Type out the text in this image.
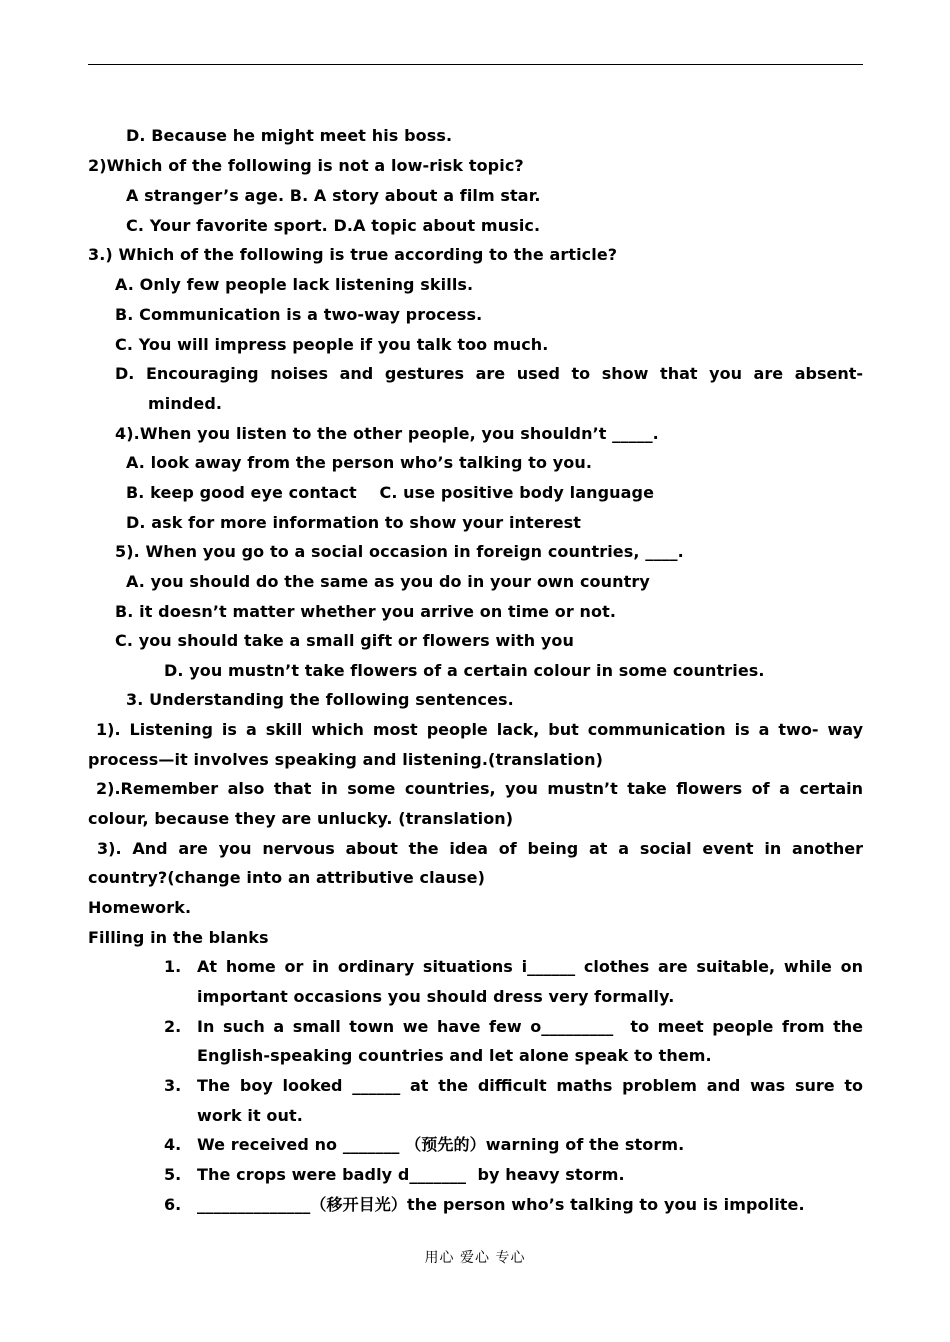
D. Because he might meet his boss.
2)Which of the following is not a low-risk topic?
A stranger’s age. B. A story about a film star.
C. Your favorite sport. D.A topic about music.
3.) Which of the following is true according to the article?
A. Only few people lack listening skills.
B. Communication is a two-way process.
C. You will impress people if you talk too much.
D. Encouraging noises and gestures are used to show that you are absent-
minded.
4).When you listen to the other people, you shouldn’t _____.
A. look away from the person who’s talking to you.
B. keep good eye contact    C. use positive body language
D. ask for more information to show your interest
5). When you go to a social occasion in foreign countries, ____.
A. you should do the same as you do in your own country
B. it doesn’t matter whether you arrive on time or not.
C. you should take a small gift or flowers with you
D. you mustn’t take flowers of a certain colour in some countries.
3. Understanding the following sentences.
1). Listening is a skill which most people lack, but communication is a two- way
process—it involves speaking and listening.(translation)
2).Remember also that in some countries, you mustn’t take flowers of a certain
colour, because they are unlucky. (translation)
3). And are you nervous about the idea of being at a social event in another
country?(change into an attributive clause)
Homework.
Filling in the blanks
1. At home or in ordinary situations i______ clothes are suitable, while on
important occasions you should dress very formally.
2. In such a small town we have few o_________  to meet people from the
English-speaking countries and let alone speak to them.
3. The boy looked ______ at the difficult maths problem and was sure to
work it out.
4. We received no _______ （预先的）warning of the storm.
5. The crops were badly d_______  by heavy storm.
6. ______________（移开目光）the person who’s talking to you is impolite.
用心 爱心 专心
